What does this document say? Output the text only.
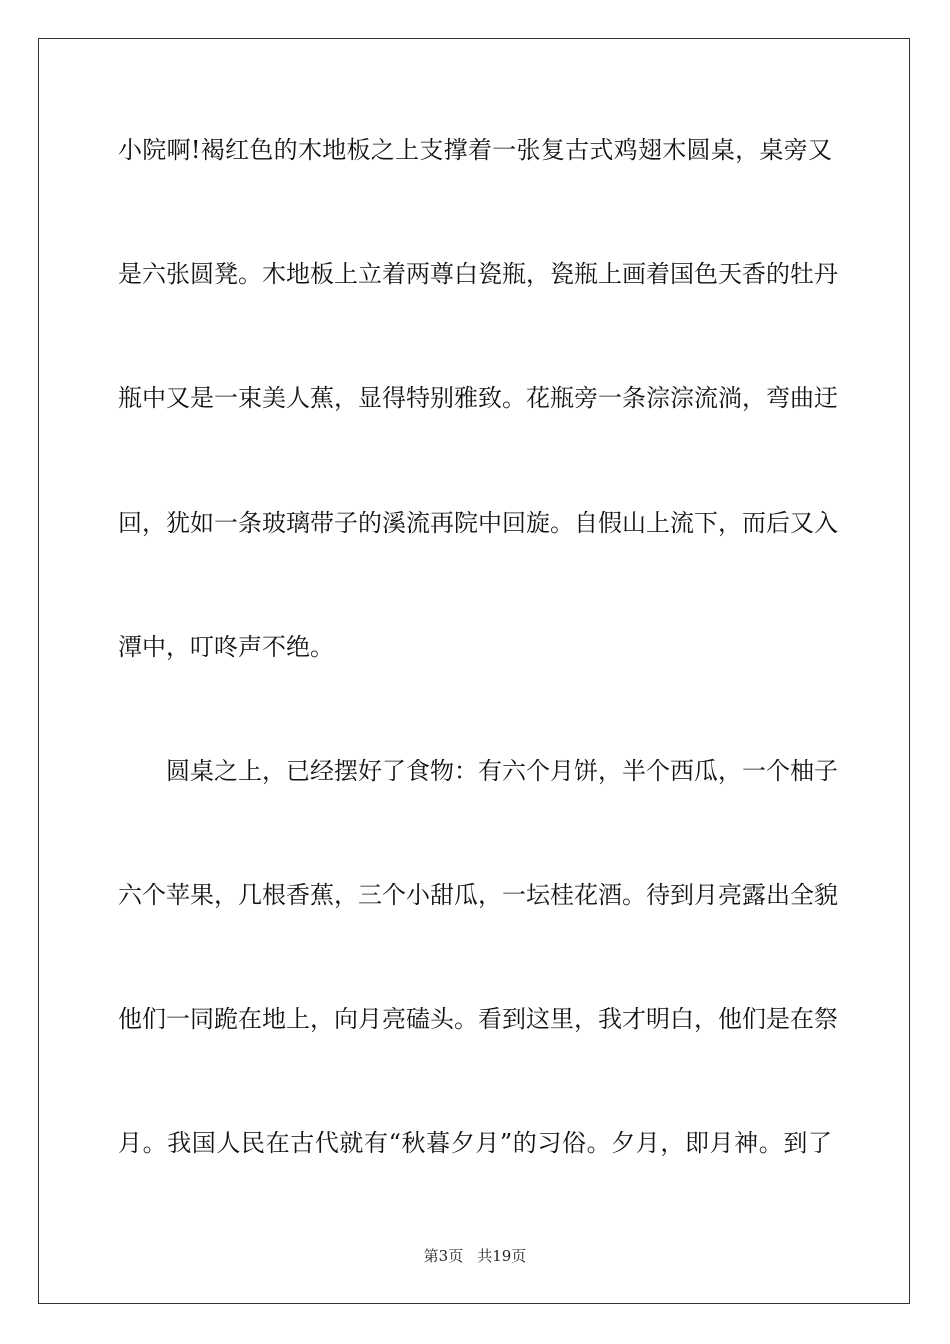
小院啊!褐红色的木地板之上支撑着一张复古式鸡翅木圆桌，桌旁又
是六张圆凳。木地板上立着两尊白瓷瓶，瓷瓶上画着国色天香的牡丹
瓶中又是一束美人蕉，显得特别雅致。花瓶旁一条淙淙流淌，弯曲迂
回，犹如一条玻璃带子的溪流再院中回旋。自假山上流下，而后又入
潭中，叮咚声不绝。
圆桌之上，已经摆好了食物：有六个月饼，半个西瓜，一个柚子
六个苹果，几根香蕉，三个小甜瓜，一坛桂花酒。待到月亮露出全貌
他们一同跪在地上，向月亮磕头。看到这里，我才明白，他们是在祭
月。我国人民在古代就有“秋暮夕月”的习俗。夕月，即月神。到了
第3页 共19页
